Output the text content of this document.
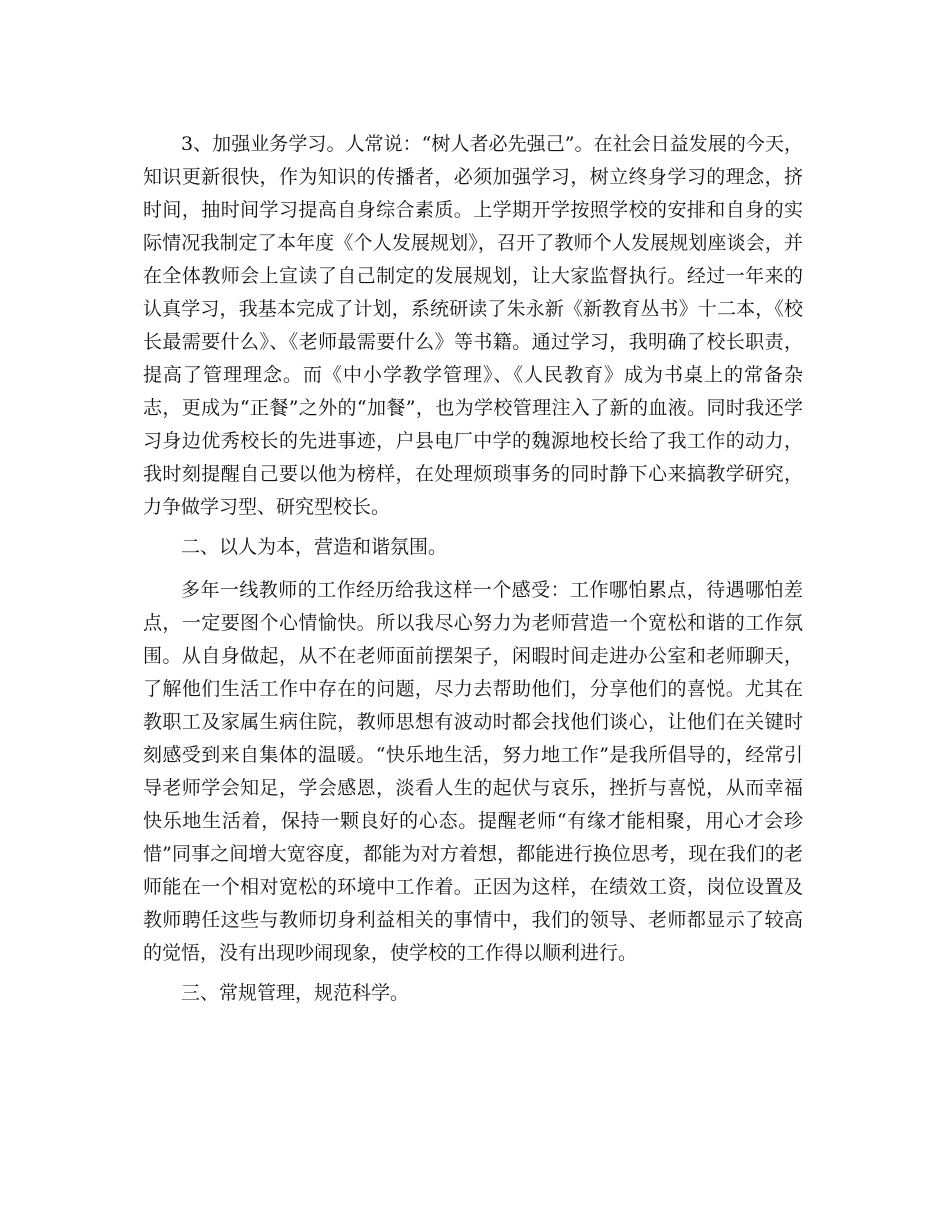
3、加强业务学习。人常说：“树人者必先强己”。在社会日益发展的今天，知识更新很快，作为知识的传播者，必须加强学习，树立终身学习的理念，挤时间，抽时间学习提高自身综合素质。上学期开学按照学校的安排和自身的实际情况我制定了本年度《个人发展规划》，召开了教师个人发展规划座谈会，并在全体教师会上宣读了自己制定的发展规划，让大家监督执行。经过一年来的认真学习，我基本完成了计划，系统研读了朱永新《新教育丛书》十二本，《校长最需要什么》、《老师最需要什么》等书籍。通过学习，我明确了校长职责，提高了管理理念。而《中小学教学管理》、《人民教育》成为书桌上的常备杂志，更成为“正餐”之外的“加餐”，也为学校管理注入了新的血液。同时我还学习身边优秀校长的先进事迹，户县电厂中学的魏源地校长给了我工作的动力，我时刻提醒自己要以他为榜样，在处理烦琐事务的同时静下心来搞教学研究，力争做学习型、研究型校长。

二、以人为本，营造和谐氛围。

多年一线教师的工作经历给我这样一个感受：工作哪怕累点，待遇哪怕差点，一定要图个心情愉快。所以我尽心努力为老师营造一个宽松和谐的工作氛围。从自身做起，从不在老师面前摆架子，闲暇时间走进办公室和老师聊天，了解他们生活工作中存在的问题，尽力去帮助他们，分享他们的喜悦。尤其在教职工及家属生病住院，教师思想有波动时都会找他们谈心，让他们在关键时刻感受到来自集体的温暖。“快乐地生活，努力地工作”是我所倡导的，经常引导老师学会知足，学会感恩，淡看人生的起伏与哀乐，挫折与喜悦，从而幸福快乐地生活着，保持一颗良好的心态。提醒老师“有缘才能相聚，用心才会珍惜”同事之间增大宽容度，都能为对方着想，都能进行换位思考，现在我们的老师能在一个相对宽松的环境中工作着。正因为这样，在绩效工资，岗位设置及教师聘任这些与教师切身利益相关的事情中，我们的领导、老师都显示了较高的觉悟，没有出现吵闹现象，使学校的工作得以顺利进行。

三、常规管理，规范科学。
